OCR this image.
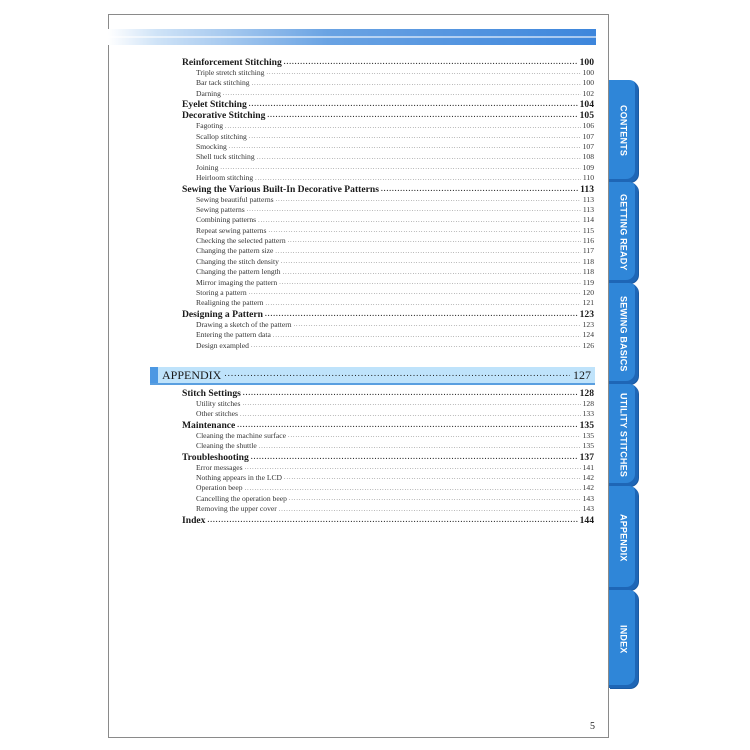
Reinforcement Stitching .....	100
Triple stretch stitching .....	100
Bar tack stitching .....	100
Darning .....	102
Eyelet Stitching .....	104
Decorative Stitching .....	105
Fagoting .....	106
Scallop stitching .....	107
Smocking .....	107
Shell tuck stitching .....	108
Joining .....	109
Heirloom stitching .....	110
Sewing the Various Built-In Decorative Patterns .....	113
Sewing beautiful patterns .....	113
Sewing patterns .....	113
Combining patterns .....	114
Repeat sewing patterns .....	115
Checking the selected pattern .....	116
Changing the pattern size .....	117
Changing the stitch density .....	118
Changing the pattern length .....	118
Mirror imaging the pattern .....	119
Storing a pattern .....	120
Realigning the pattern .....	121
Designing a Pattern .....	123
Drawing a sketch of the pattern .....	123
Entering the pattern data .....	124
Design exampled .....	126
APPENDIX .....	127
Stitch Settings .....	128
Utility stitches .....	128
Other stitches .....	133
Maintenance .....	135
Cleaning the machine surface .....	135
Cleaning the shuttle .....	135
Troubleshooting .....	137
Error messages .....	141
Nothing appears in the LCD .....	142
Operation beep .....	142
Cancelling the operation beep .....	143
Removing the upper cover .....	143
Index .....	144
CONTENTS
GETTING READY
SEWING BASICS
UTILITY STITCHES
APPENDIX
INDEX
5
